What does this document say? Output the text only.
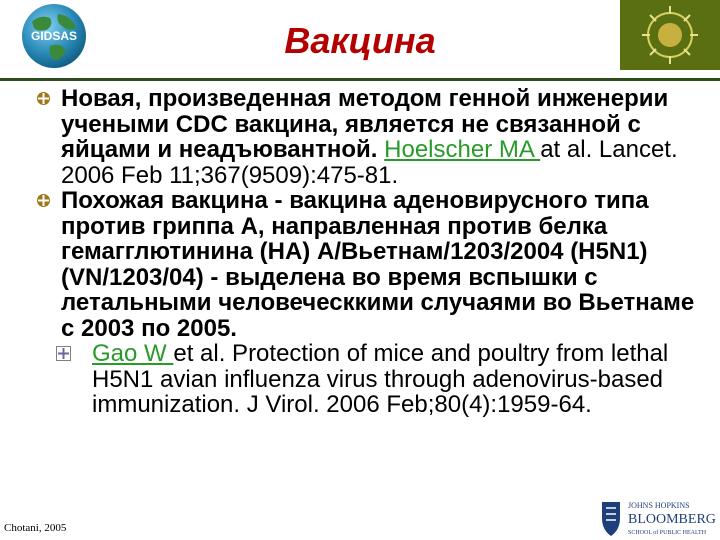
GIDSAS	Вакцина
Новая, произведенная методом генной инженерии учеными CDC вакцина, является не связанной с яйцами и неадъювантной. Hoelscher MA at al. Lancet. 2006 Feb 11;367(9509):475-81.
Похожая вакцина - вакцина аденовирусного типа против гриппа А, направленная против белка гемагглютинина (HA) A/Вьетнам/1203/2004 (H5N1) (VN/1203/04) - выделена во время вспышки с летальными человеческкими случаями во Вьетнаме с 2003 по 2005.
Gao W et al. Protection of mice and poultry from lethal H5N1 avian influenza virus through adenovirus-based immunization. J Virol. 2006 Feb;80(4):1959-64.
Chotani, 2005
JOHNS HOPKINS
BLOOMBERG
SCHOOL of PUBLIC HEALTH
